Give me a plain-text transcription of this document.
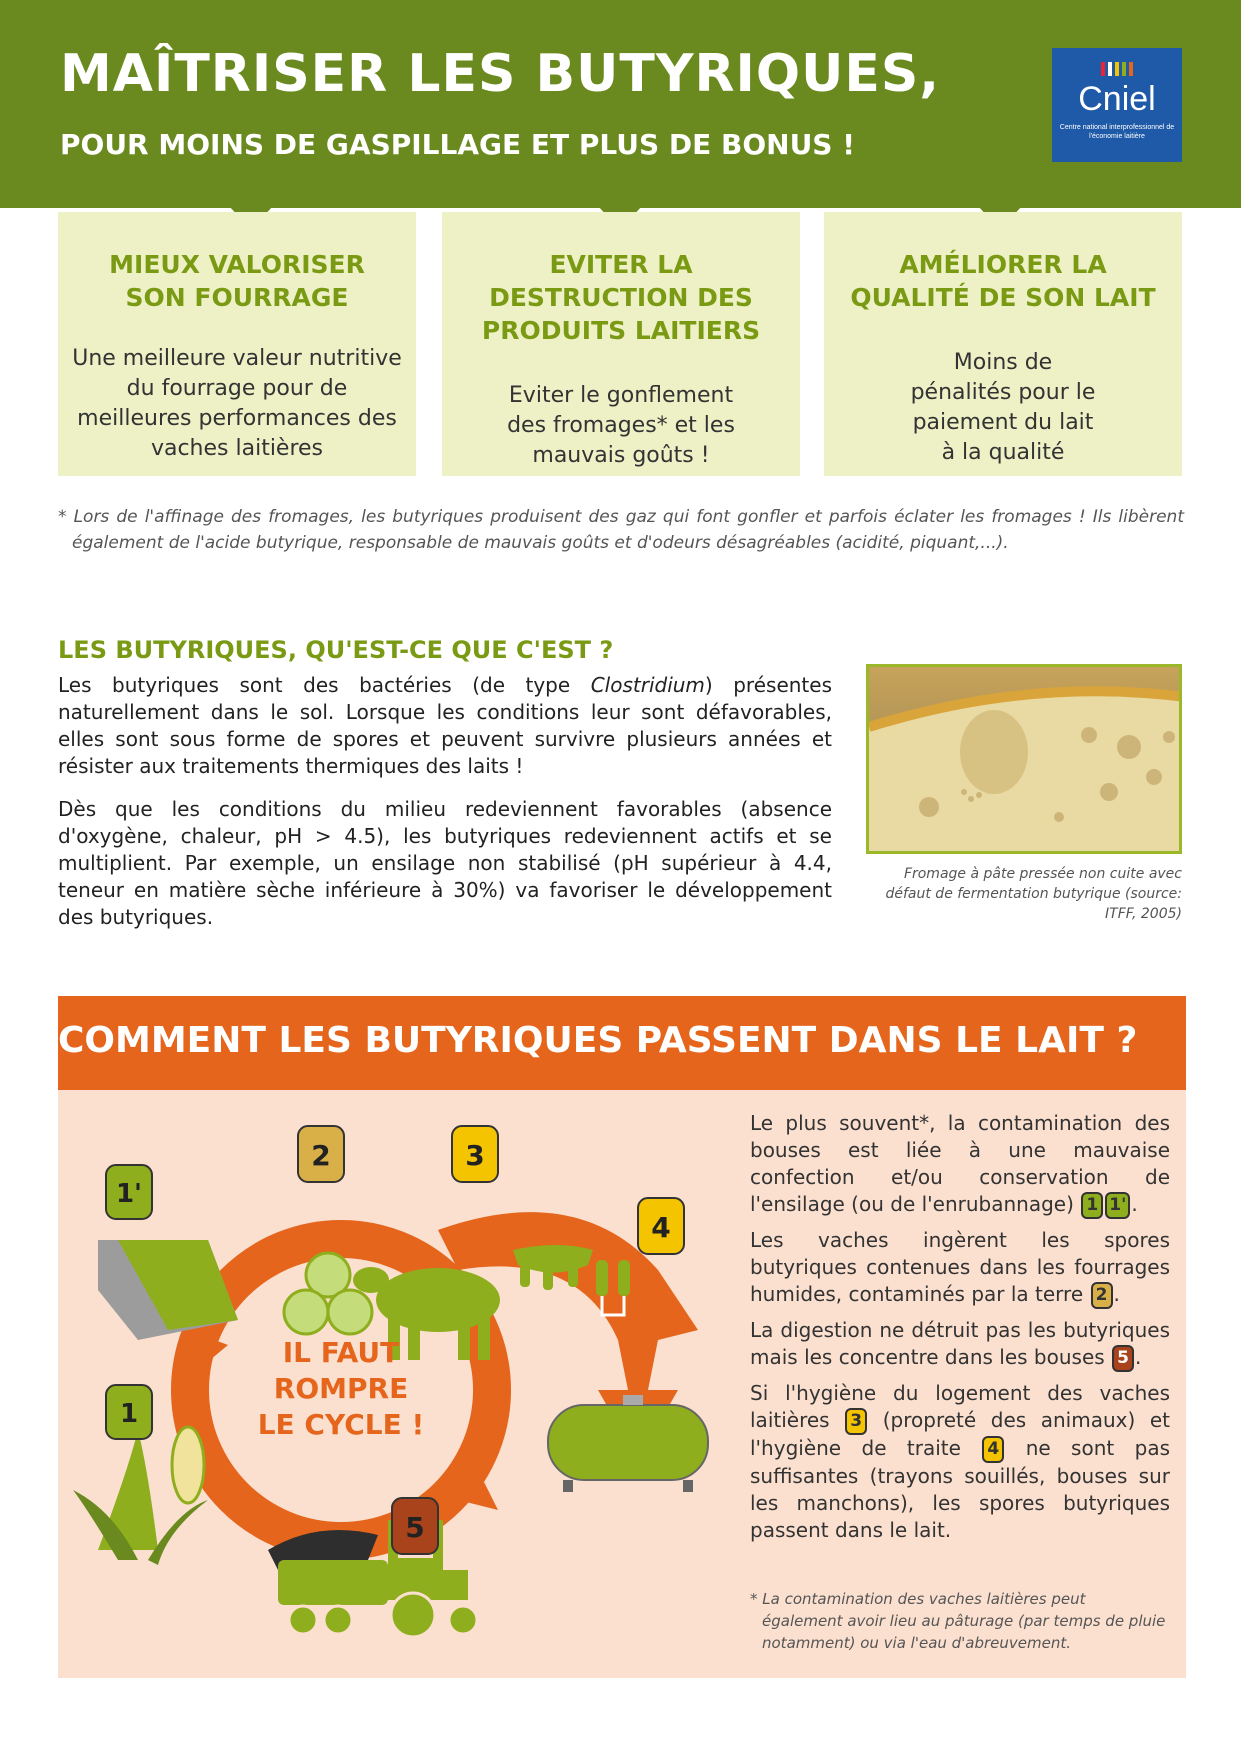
MAÎTRISER LES BUTYRIQUES,
POUR MOINS DE GASPILLAGE ET PLUS DE BONUS !
Cniel
Centre national interprofessionnel de l'économie laitière
MIEUX VALORISER SON FOURRAGE
Une meilleure valeur nutritive du fourrage pour de meilleures performances des vaches laitières
EVITER LA DESTRUCTION DES PRODUITS LAITIERS
Eviter le gonflement des fromages* et les mauvais goûts !
AMÉLIORER LA QUALITÉ DE SON LAIT
Moins de pénalités pour le paiement du lait à la qualité
* Lors de l'affinage des fromages, les butyriques produisent des gaz qui font gonfler et parfois éclater les fromages ! Ils libèrent également de l'acide butyrique, responsable de mauvais goûts et d'odeurs désagréables (acidité, piquant,...).
LES BUTYRIQUES, QU'EST-CE QUE C'EST ?
Les butyriques sont des bactéries (de type Clostridium) présentes naturellement dans le sol. Lorsque les conditions leur sont défavorables, elles sont sous forme de spores et peuvent survivre plusieurs années et résister aux traitements thermiques des laits !
Dès que les conditions du milieu redeviennent favorables (absence d'oxygène, chaleur, pH > 4.5), les butyriques redeviennent actifs et se multiplient. Par exemple, un ensilage non stabilisé (pH supérieur à 4.4, teneur en matière sèche inférieure à 30%) va favoriser le développement des butyriques.
Fromage à pâte pressée non cuite avec défaut de fermentation butyrique (source: ITFF, 2005)
COMMENT LES BUTYRIQUES PASSENT DANS LE LAIT ?
1'
1
2	3
4
5
IL FAUT
ROMPRE
LE CYCLE !

Le plus souvent*, la contamination des bouses est liée à une mauvaise confection et/ou conservation de l'ensilage (ou de l'enrubannage) 1 1' .

Les vaches ingèrent les spores butyriques contenues dans les fourrages humides, contaminés par la terre 2 .

La digestion ne détruit pas les butyriques mais les concentre dans les bouses 5 .

Si l'hygiène du logement des vaches laitières 3 (propreté des animaux) et l'hygiène de traite 4 ne sont pas suffisantes (trayons souillés, bouses sur les manchons), les spores butyriques passent dans le lait.

* La contamination des vaches laitières peut également avoir lieu au pâturage (par temps de pluie notamment) ou via l'eau d'abreuvement.
